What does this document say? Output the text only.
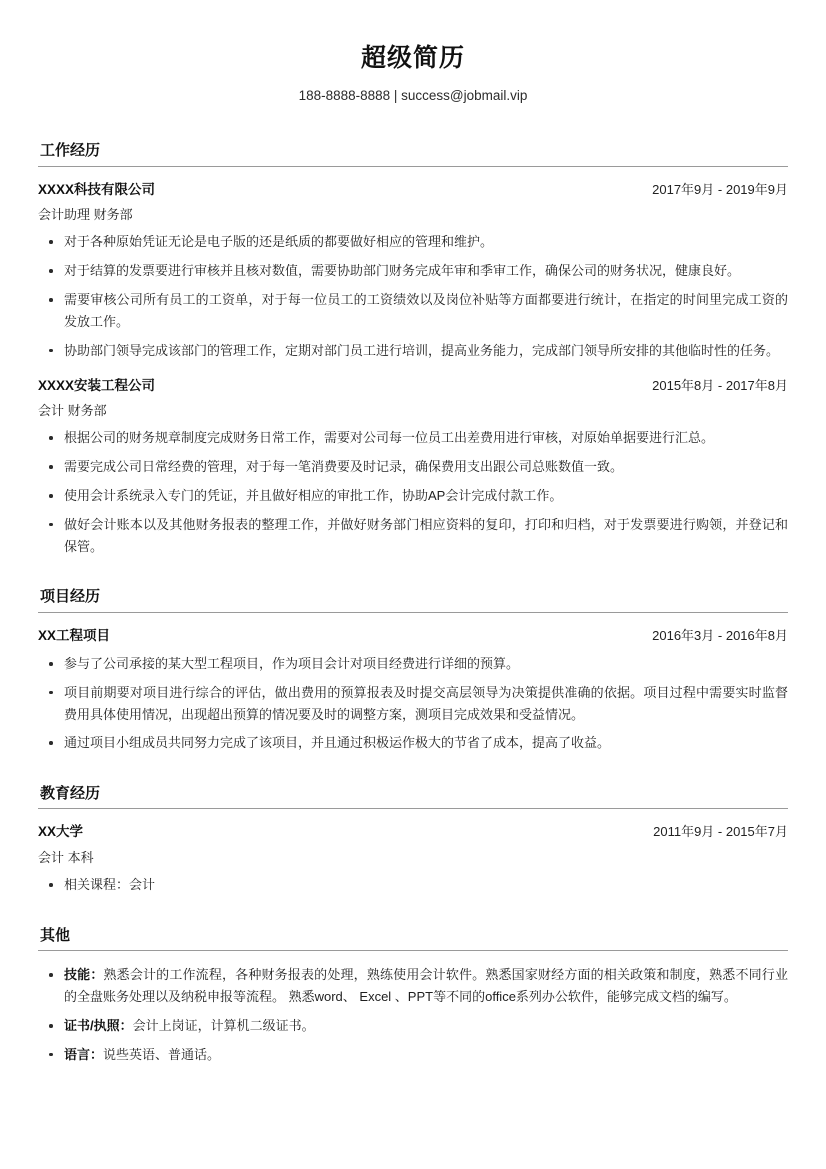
超级简历
188-8888-8888 | success@jobmail.vip
工作经历
XXXX科技有限公司	2017年9月 - 2019年9月
会计助理 财务部
对于各种原始凭证无论是电子版的还是纸质的都要做好相应的管理和维护。
对于结算的发票要进行审核并且核对数值，需要协助部门财务完成年审和季审工作，确保公司的财务状况，健康良好。
需要审核公司所有员工的工资单，对于每一位员工的工资绩效以及岗位补贴等方面都要进行统计，在指定的时间里完成工资的发放工作。
协助部门领导完成该部门的管理工作，定期对部门员工进行培训，提高业务能力，完成部门领导所安排的其他临时性的任务。
XXXX安装工程公司	2015年8月 - 2017年8月
会计 财务部
根据公司的财务规章制度完成财务日常工作，需要对公司每一位员工出差费用进行审核，对原始单据要进行汇总。
需要完成公司日常经费的管理，对于每一笔消费要及时记录，确保费用支出跟公司总账数值一致。
使用会计系统录入专门的凭证，并且做好相应的审批工作，协助AP会计完成付款工作。
做好会计账本以及其他财务报表的整理工作，并做好财务部门相应资料的复印，打印和归档，对于发票要进行购领，并登记和保管。
项目经历
XX工程项目	2016年3月 - 2016年8月
参与了公司承接的某大型工程项目，作为项目会计对项目经费进行详细的预算。
项目前期要对项目进行综合的评估，做出费用的预算报表及时提交高层领导为决策提供准确的依据。项目过程中需要实时监督费用具体使用情况，出现超出预算的情况要及时的调整方案，测项目完成效果和受益情况。
通过项目小组成员共同努力完成了该项目，并且通过积极运作极大的节省了成本，提高了收益。
教育经历
XX大学	2011年9月 - 2015年7月
会计 本科
相关课程：会计
其他
技能：熟悉会计的工作流程，各种财务报表的处理，熟练使用会计软件。熟悉国家财经方面的相关政策和制度，熟悉不同行业的全盘账务处理以及纳税申报等流程。 熟悉word、 Excel 、PPT等不同的office系列办公软件，能够完成文档的编写。
证书/执照：会计上岗证，计算机二级证书。
语言：说些英语、普通话。
